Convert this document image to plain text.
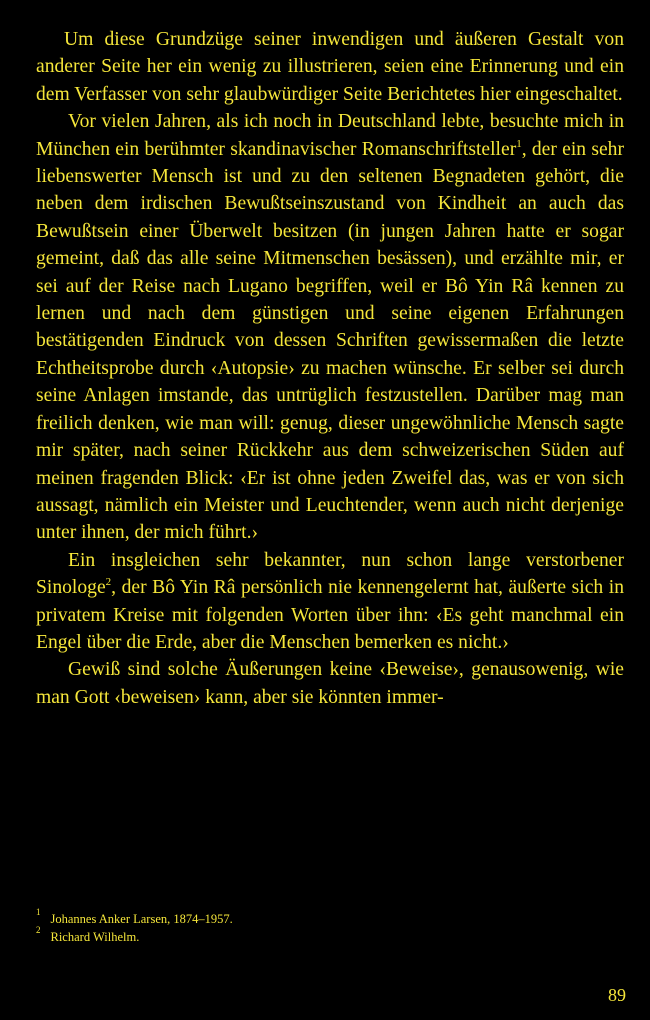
Um diese Grundzüge seiner inwendigen und äußeren Gestalt von anderer Seite her ein wenig zu illustrieren, seien eine Erinnerung und ein dem Verfasser von sehr glaubwürdiger Seite Berichtetes hier eingeschaltet.

Vor vielen Jahren, als ich noch in Deutschland lebte, besuchte mich in München ein berühmter skandinavischer Romanschriftsteller$^1$, der ein sehr liebenswerter Mensch ist und zu den seltenen Begnadeten gehört, die neben dem irdischen Bewußtseinszustand von Kindheit an auch das Bewußtsein einer Überwelt besitzen (in jungen Jahren hatte er sogar gemeint, daß das alle seine Mitmenschen besässen), und erzählte mir, er sei auf der Reise nach Lugano begriffen, weil er Bô Yin Râ kennen zu lernen und nach dem günstigen und seine eigenen Erfahrungen bestätigenden Eindruck von dessen Schriften gewissermaßen die letzte Echtheitsprobe durch ‹Autopsie› zu machen wünsche. Er selber sei durch seine Anlagen imstande, das untrüglich festzustellen. Darüber mag man freilich denken, wie man will: genug, dieser ungewöhnliche Mensch sagte mir später, nach seiner Rückkehr aus dem schweizerischen Süden auf meinen fragenden Blick: ‹Er ist ohne jeden Zweifel das, was er von sich aussagt, nämlich ein Meister und Leuchtender, wenn auch nicht derjenige unter ihnen, der mich führt.›

Ein insgleichen sehr bekannter, nun schon lange verstorbener Sinologe$^2$, der Bô Yin Râ persönlich nie kennengelernt hat, äußerte sich in privatem Kreise mit folgenden Worten über ihn: ‹Es geht manchmal ein Engel über die Erde, aber die Menschen bemerken es nicht.›

Gewiß sind solche Äußerungen keine ‹Beweise›, genausowenig, wie man Gott ‹beweisen› kann, aber sie könnten immer-

1 Johannes Anker Larsen, 1874–1957.
2 Richard Wilhelm.
89
